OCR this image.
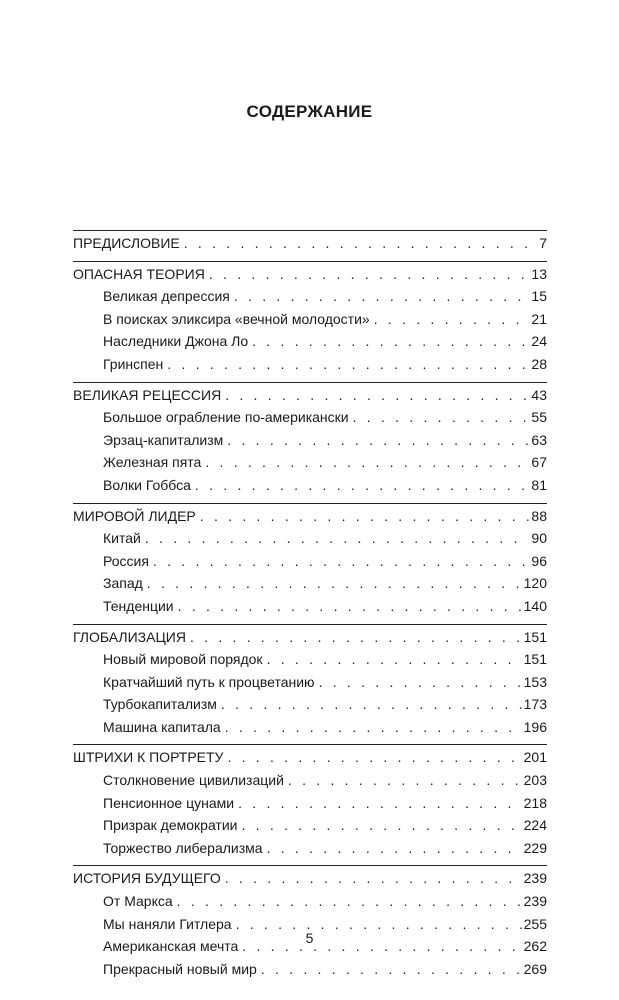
СОДЕРЖАНИЕ
ПРЕДИСЛОВИЕ . . .	7
ОПАСНАЯ ТЕОРИЯ . . .	13
Великая депрессия . . .	15
В поисках эликсира «вечной молодости» . . .	21
Наследники Джона Ло . . .	24
Гринспен . . .	28
ВЕЛИКАЯ РЕЦЕССИЯ . . .	43
Большое ограбление по-американски . . .	55
Эрзац-капитализм . . .	63
Железная пята . . .	67
Волки Гоббса . . .	81
МИРОВОЙ ЛИДЕР . . .	88
Китай . . .	90
Россия . . .	96
Запад . . .	120
Тенденции . . .	140
ГЛОБАЛИЗАЦИЯ . . .	151
Новый мировой порядок . . .	151
Кратчайший путь к процветанию . . .	153
Турбокапитализм . . .	173
Машина капитала . . .	196
ШТРИХИ К ПОРТРЕТУ . . .	201
Столкновение цивилизаций . . .	203
Пенсионное цунами . . .	218
Призрак демократии . . .	224
Торжество либерализма . . .	229
ИСТОРИЯ БУДУЩЕГО . . .	239
От Маркса . . .	239
Мы наняли Гитлера . . .	255
Американская мечта . . .	262
Прекрасный новый мир . . .	269
5
